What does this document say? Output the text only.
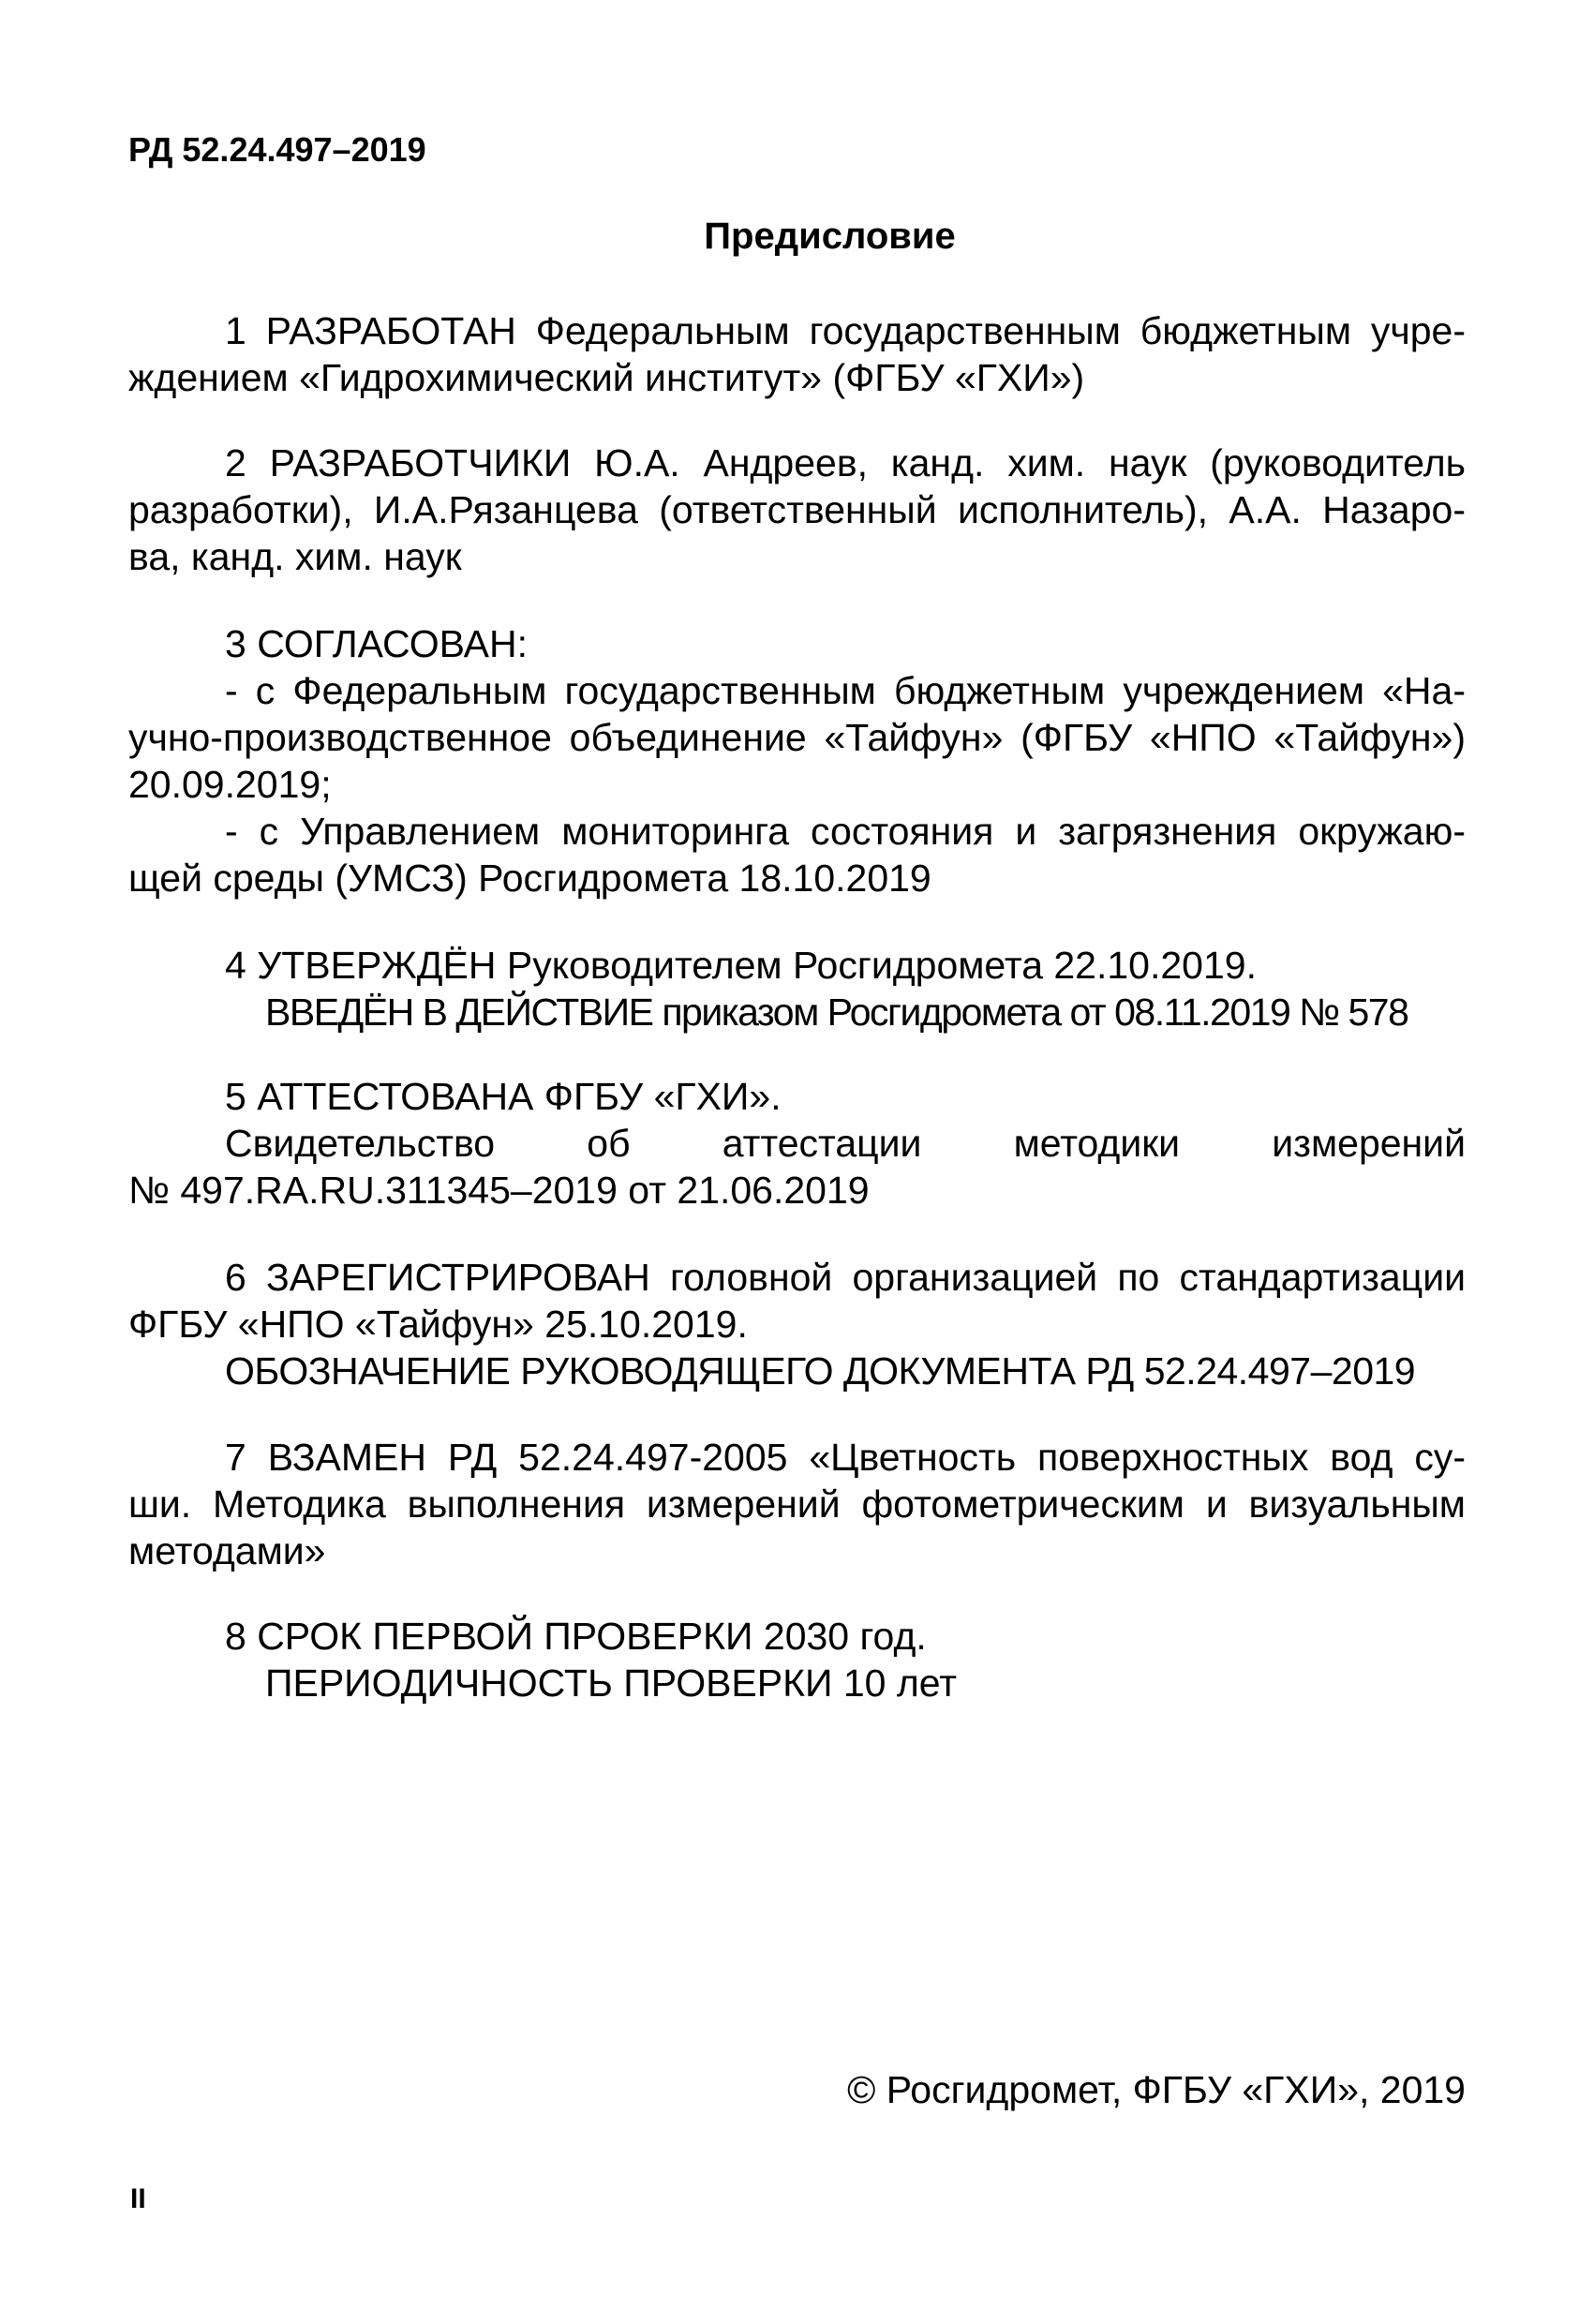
РД 52.24.497–2019
Предисловие
1 РАЗРАБОТАН Федеральным государственным бюджетным учре-
ждением «Гидрохимический институт» (ФГБУ «ГХИ»)
2 РАЗРАБОТЧИКИ Ю.А. Андреев, канд. хим. наук (руководитель
разработки), И.А.Рязанцева (ответственный исполнитель), А.А. Назаро-
ва, канд. хим. наук
3 СОГЛАСОВАН:
- с Федеральным государственным бюджетным учреждением «На-
учно-производственное объединение «Тайфун» (ФГБУ «НПО «Тайфун»)
20.09.2019;
- с Управлением мониторинга состояния и загрязнения окружаю-
щей среды (УМСЗ) Росгидромета 18.10.2019
4 УТВЕРЖДЁН Руководителем Росгидромета 22.10.2019.
ВВЕДЁН В ДЕЙСТВИЕ приказом Росгидромета от 08.11.2019 № 578
5 АТТЕСТОВАНА ФГБУ «ГХИ».
Свидетельство об аттестации методики измерений
№ 497.RA.RU.311345–2019 от 21.06.2019
6 ЗАРЕГИСТРИРОВАН головной организацией по стандартизации
ФГБУ «НПО «Тайфун» 25.10.2019.
ОБОЗНАЧЕНИЕ РУКОВОДЯЩЕГО ДОКУМЕНТА РД 52.24.497–2019
7 ВЗАМЕН РД 52.24.497-2005 «Цветность поверхностных вод су-
ши. Методика выполнения измерений фотометрическим и визуальным
методами»
8 СРОК ПЕРВОЙ ПРОВЕРКИ 2030 год.
ПЕРИОДИЧНОСТЬ ПРОВЕРКИ 10 лет
© Росгидромет, ФГБУ «ГХИ», 2019
II
